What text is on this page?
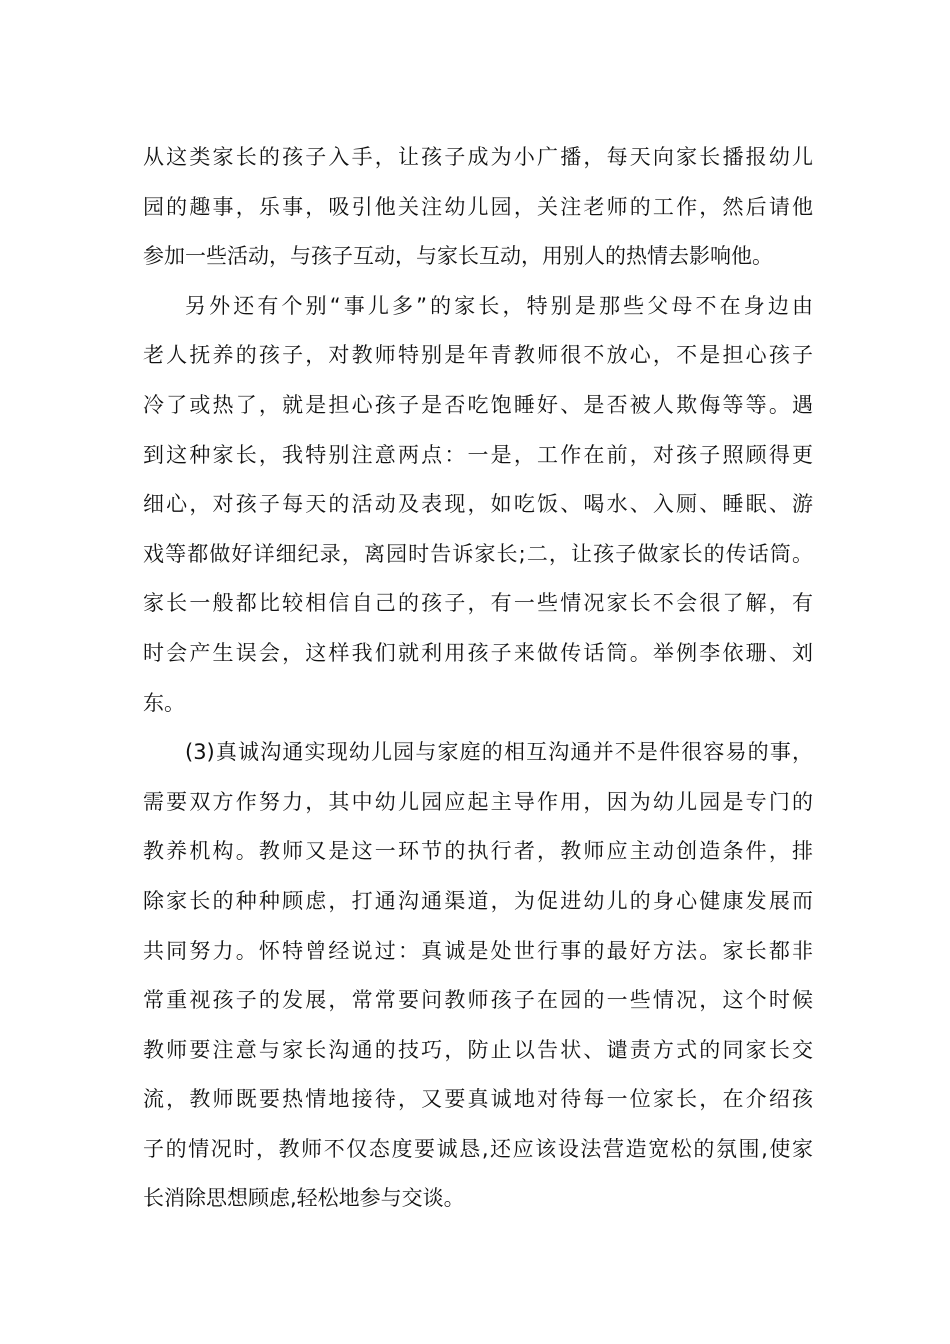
从这类家长的孩子入手，让孩子成为小广播，每天向家长播报幼儿
园的趣事，乐事，吸引他关注幼儿园，关注老师的工作，然后请他
参加一些活动，与孩子互动，与家长互动，用别人的热情去影响他。
另外还有个别“事儿多”的家长，特别是那些父母不在身边由
老人抚养的孩子，对教师特别是年青教师很不放心，不是担心孩子
冷了或热了，就是担心孩子是否吃饱睡好、是否被人欺侮等等。遇
到这种家长，我特别注意两点：一是，工作在前，对孩子照顾得更
细心，对孩子每天的活动及表现，如吃饭、喝水、入厕、睡眠、游
戏等都做好详细纪录，离园时告诉家长;二，让孩子做家长的传话筒。
家长一般都比较相信自己的孩子，有一些情况家长不会很了解，有
时会产生误会，这样我们就利用孩子来做传话筒。举例李依珊、刘
东。
(3)真诚沟通实现幼儿园与家庭的相互沟通并不是件很容易的事，
需要双方作努力，其中幼儿园应起主导作用，因为幼儿园是专门的
教养机构。教师又是这一环节的执行者，教师应主动创造条件，排
除家长的种种顾虑，打通沟通渠道，为促进幼儿的身心健康发展而
共同努力。怀特曾经说过：真诚是处世行事的最好方法。家长都非
常重视孩子的发展，常常要问教师孩子在园的一些情况，这个时候
教师要注意与家长沟通的技巧，防止以告状、谴责方式的同家长交
流，教师既要热情地接待，又要真诚地对待每一位家长，在介绍孩
子的情况时，教师不仅态度要诚恳,还应该设法营造宽松的氛围,使家
长消除思想顾虑,轻松地参与交谈。
